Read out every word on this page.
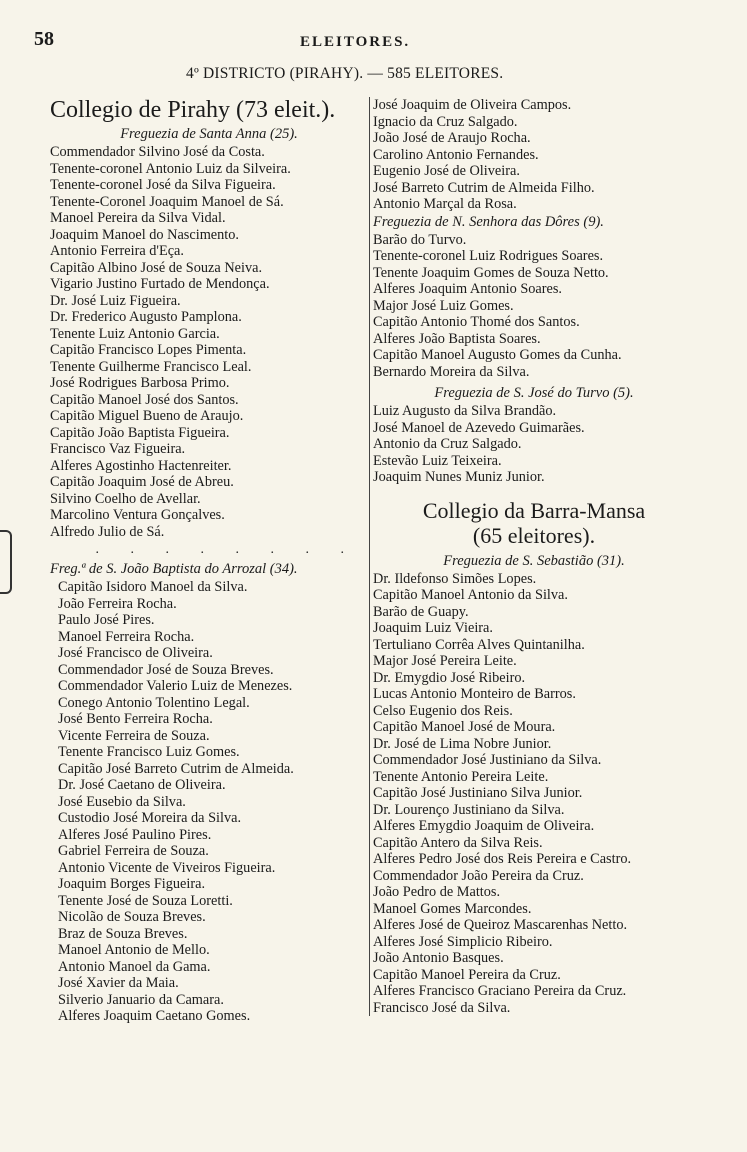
58	ELEITORES.
4º DISTRICTO (PIRAHY). — 585 ELEITORES.
Collegio de Pirahy (73 eleit.).
Freguezia de Santa Anna (25).
Commendador Silvino José da Costa.
Tenente-coronel Antonio Luiz da Silveira.
Tenente-coronel José da Silva Figueira.
Tenente-Coronel Joaquim Manoel de Sá.
Manoel Pereira da Silva Vidal.
Joaquim Manoel do Nascimento.
Antonio Ferreira d'Eça.
Capitão Albino José de Souza Neiva.
Vigario Justino Furtado de Mendonça.
Dr. José Luiz Figueira.
Dr. Frederico Augusto Pamplona.
Tenente Luiz Antonio Garcia.
Capitão Francisco Lopes Pimenta.
Tenente Guilherme Francisco Leal.
José Rodrigues Barbosa Primo.
Capitão Manoel José dos Santos.
Capitão Miguel Bueno de Araujo.
Capitão João Baptista Figueira.
Francisco Vaz Figueira.
Alferes Agostinho Hactenreiter.
Capitão Joaquim José de Abreu.
Silvino Coelho de Avellar.
Marcolino Ventura Gonçalves.
Alfredo Julio de Sá.
. . . . . . . .
Freg.ª de S. João Baptista do Arrozal (34).
Capitão Isidoro Manoel da Silva.
João Ferreira Rocha.
Paulo José Pires.
Manoel Ferreira Rocha.
José Francisco de Oliveira.
Commendador José de Souza Breves.
Commendador Valerio Luiz de Menezes.
Conego Antonio Tolentino Legal.
José Bento Ferreira Rocha.
Vicente Ferreira de Souza.
Tenente Francisco Luiz Gomes.
Capitão José Barreto Cutrim de Almeida.
Dr. José Caetano de Oliveira.
José Eusebio da Silva.
Custodio José Moreira da Silva.
Alferes José Paulino Pires.
Gabriel Ferreira de Souza.
Antonio Vicente de Viveiros Figueira.
Joaquim Borges Figueira.
Tenente José de Souza Loretti.
Nicolão de Souza Breves.
Braz de Souza Breves.
Manoel Antonio de Mello.
Antonio Manoel da Gama.
José Xavier da Maia.
Silverio Januario da Camara.
Alferes Joaquim Caetano Gomes.
José Joaquim de Oliveira Campos.
Ignacio da Cruz Salgado.
João José de Araujo Rocha.
Carolino Antonio Fernandes.
Eugenio José de Oliveira.
José Barreto Cutrim de Almeida Filho.
Antonio Marçal da Rosa.
Freguezia de N. Senhora das Dôres (9).
Barão do Turvo.
Tenente-coronel Luiz Rodrigues Soares.
Tenente Joaquim Gomes de Souza Netto.
Alferes Joaquim Antonio Soares.
Major José Luiz Gomes.
Capitão Antonio Thomé dos Santos.
Alferes João Baptista Soares.
Capitão Manoel Augusto Gomes da Cunha.
Bernardo Moreira da Silva.
Freguezia de S. José do Turvo (5).
Luiz Augusto da Silva Brandão.
José Manoel de Azevedo Guimarães.
Antonio da Cruz Salgado.
Estevão Luiz Teixeira.
Joaquim Nunes Muniz Junior.
Collegio da Barra-Mansa
(65 eleitores).
Freguezia de S. Sebastião (31).
Dr. Ildefonso Simões Lopes.
Capitão Manoel Antonio da Silva.
Barão de Guapy.
Joaquim Luiz Vieira.
Tertuliano Corrêa Alves Quintanilha.
Major José Pereira Leite.
Dr. Emygdio José Ribeiro.
Lucas Antonio Monteiro de Barros.
Celso Eugenio dos Reis.
Capitão Manoel José de Moura.
Dr. José de Lima Nobre Junior.
Commendador José Justiniano da Silva.
Tenente Antonio Pereira Leite.
Capitão José Justiniano Silva Junior.
Dr. Lourenço Justiniano da Silva.
Alferes Emygdio Joaquim de Oliveira.
Capitão Antero da Silva Reis.
Alferes Pedro José dos Reis Pereira e Castro.
Commendador João Pereira da Cruz.
João Pedro de Mattos.
Manoel Gomes Marcondes.
Alferes José de Queiroz Mascarenhas Netto.
Alferes José Simplicio Ribeiro.
João Antonio Basques.
Capitão Manoel Pereira da Cruz.
Alferes Francisco Graciano Pereira da Cruz.
Francisco José da Silva.
